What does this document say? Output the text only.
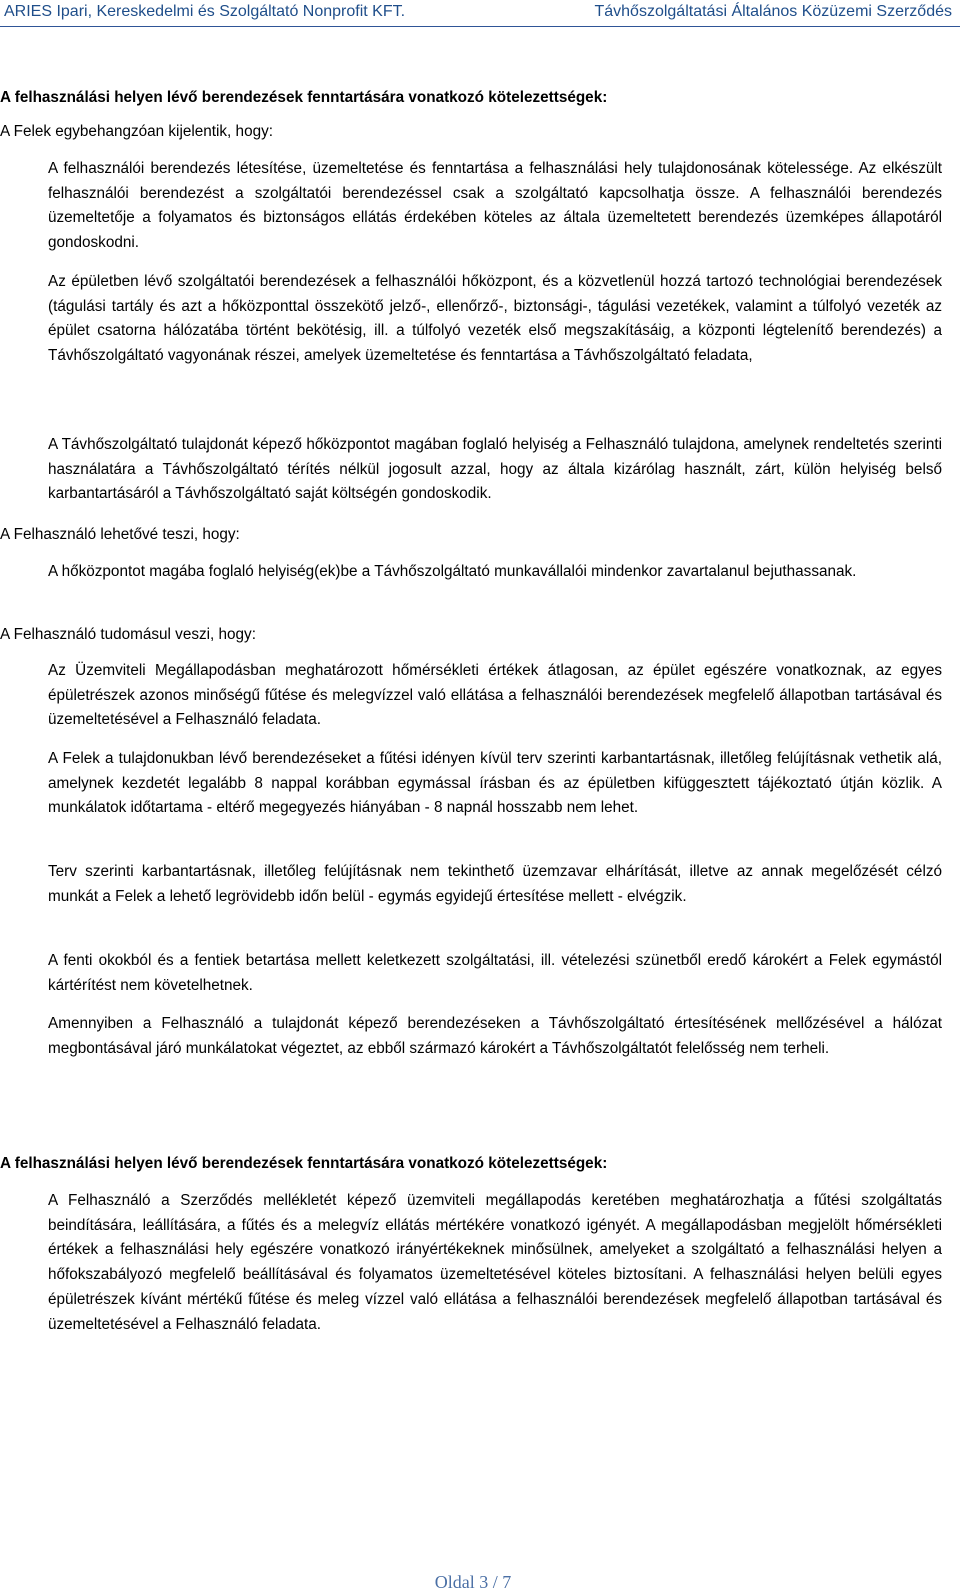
ARIES Ipari, Kereskedelmi és Szolgáltató Nonprofit KFT.	Távhőszolgáltatási Általános Közüzemi Szerződés
A felhasználási helyen lévő berendezések fenntartására vonatkozó kötelezettségek:
A Felek egybehangzóan kijelentik, hogy:
A felhasználói berendezés létesítése, üzemeltetése és fenntartása a felhasználási hely tulajdonosának kötelessége. Az elkészült felhasználói berendezést a szolgáltatói berendezéssel csak a szolgáltató kapcsolhatja össze. A felhasználói berendezés üzemeltetője a folyamatos és biztonságos ellátás érdekében köteles az általa üzemeltetett berendezés üzemképes állapotáról gondoskodni.
Az épületben lévő szolgáltatói berendezések a felhasználói hőközpont, és a közvetlenül hozzá tartozó technológiai berendezések (tágulási tartály és azt a hőközponttal összekötő jelző-, ellenőrző-, biztonsági-, tágulási vezetékek, valamint a túlfolyó vezeték az épület csatorna hálózatába történt bekötésig, ill. a túlfolyó vezeték első megszakításáig, a központi légtelenítő berendezés) a Távhőszolgáltató vagyonának részei, amelyek üzemeltetése és fenntartása a Távhőszolgáltató feladata,
A Távhőszolgáltató tulajdonát képező hőközpontot magában foglaló helyiség a Felhasználó tulajdona, amelynek rendeltetés szerinti használatára a Távhőszolgáltató térítés nélkül jogosult azzal, hogy az általa kizárólag használt, zárt, külön helyiség belső karbantartásáról a Távhőszolgáltató saját költségén gondoskodik.
A Felhasználó lehetővé teszi, hogy:
A hőközpontot magába foglaló helyiség(ek)be a Távhőszolgáltató munkavállalói mindenkor zavartalanul bejuthassanak.
A Felhasználó tudomásul veszi, hogy:
Az Üzemviteli Megállapodásban meghatározott hőmérsékleti értékek átlagosan, az épület egészére vonatkoznak, az egyes épületrészek azonos minőségű fűtése és melegvízzel való ellátása a felhasználói berendezések megfelelő állapotban tartásával és üzemeltetésével a Felhasználó feladata.
A Felek a tulajdonukban lévő berendezéseket a fűtési idényen kívül terv szerinti karbantartásnak, illetőleg felújításnak vethetik alá, amelynek kezdetét legalább 8 nappal korábban egymással írásban és az épületben kifüggesztett tájékoztató útján közlik. A munkálatok időtartama - eltérő megegyezés hiányában - 8 napnál hosszabb nem lehet.
Terv szerinti karbantartásnak, illetőleg felújításnak nem tekinthető üzemzavar elhárítását, illetve az annak megelőzését célzó munkát a Felek a lehető legrövidebb időn belül - egymás egyidejű értesítése mellett - elvégzik.
A fenti okokból és a fentiek betartása mellett keletkezett szolgáltatási, ill. vételezési szünetből eredő károkért a Felek egymástól kártérítést nem követelhetnek.
Amennyiben a Felhasználó a tulajdonát képező berendezéseken a Távhőszolgáltató értesítésének mellőzésével a hálózat megbontásával járó munkálatokat végeztet, az ebből származó károkért a Távhőszolgáltatót felelősség nem terheli.
A felhasználási helyen lévő berendezések fenntartására vonatkozó kötelezettségek:
A Felhasználó a Szerződés mellékletét képező üzemviteli megállapodás keretében meghatározhatja a fűtési szolgáltatás beindítására, leállítására, a fűtés és a melegvíz ellátás mértékére vonatkozó igényét. A megállapodásban megjelölt hőmérsékleti értékek a felhasználási hely egészére vonatkozó irányértékeknek minősülnek, amelyeket a szolgáltató a felhasználási helyen a hőfokszabályozó megfelelő beállításával és folyamatos üzemeltetésével köteles biztosítani. A felhasználási helyen belüli egyes épületrészek kívánt mértékű fűtése és meleg vízzel való ellátása a felhasználói berendezések megfelelő állapotban tartásával és üzemeltetésével a Felhasználó feladata.
Oldal 3 / 7
